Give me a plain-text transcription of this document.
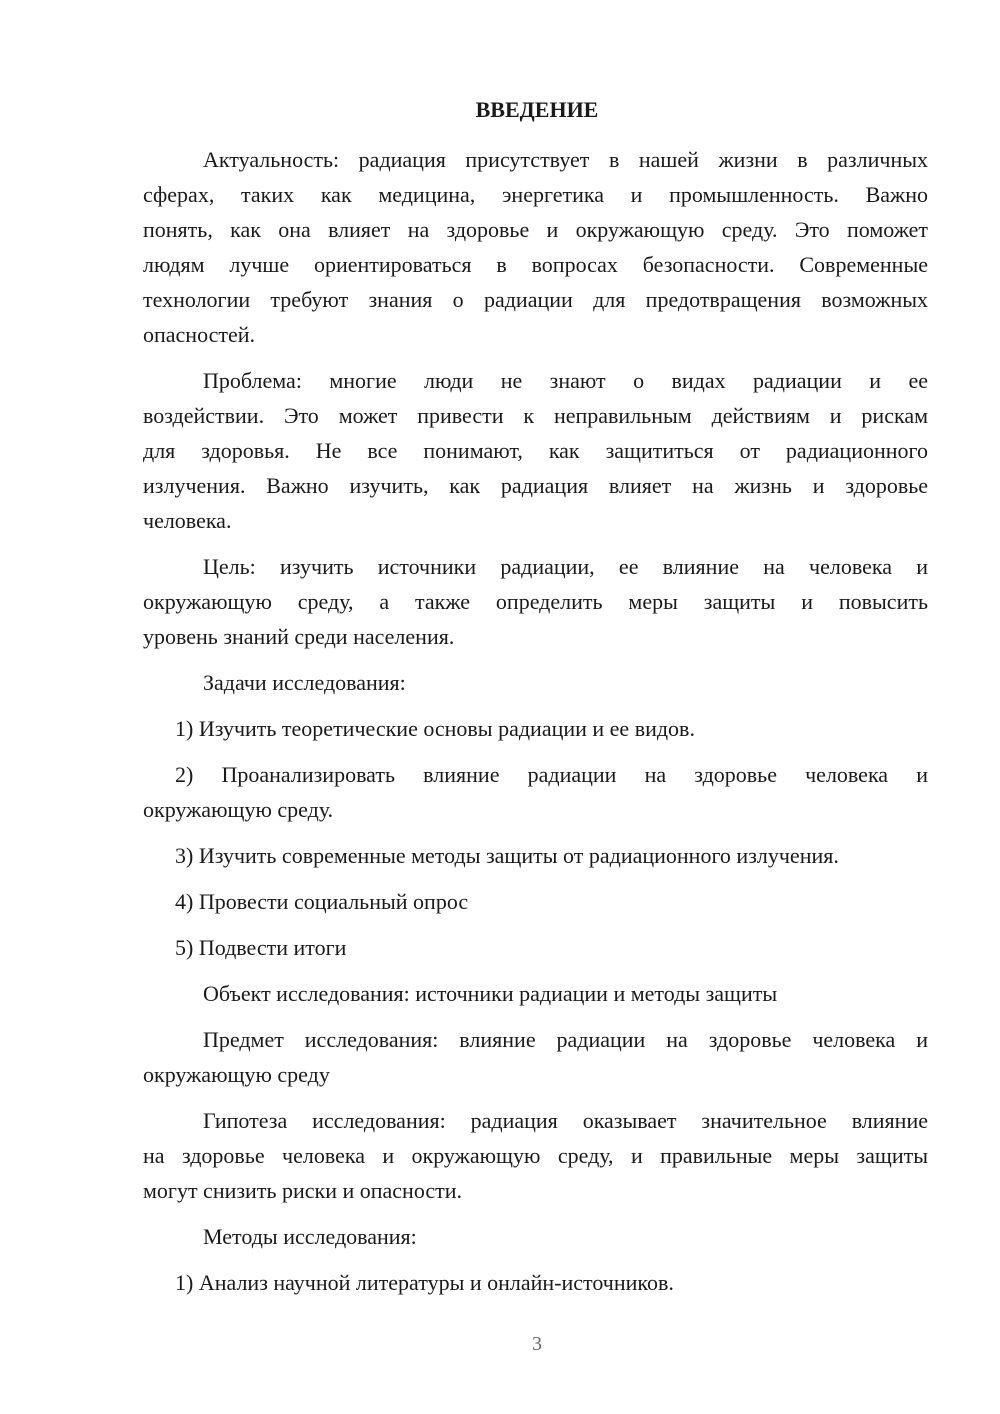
ВВЕДЕНИЕ
Актуальность: радиация присутствует в нашей жизни в различных
сферах, таких как медицина, энергетика и промышленность. Важно
понять, как она влияет на здоровье и окружающую среду. Это поможет
людям лучше ориентироваться в вопросах безопасности. Современные
технологии требуют знания о радиации для предотвращения возможных
опасностей.
Проблема: многие люди не знают о видах радиации и ее
воздействии. Это может привести к неправильным действиям и рискам
для здоровья. Не все понимают, как защититься от радиационного
излучения. Важно изучить, как радиация влияет на жизнь и здоровье
человека.
Цель: изучить источники радиации, ее влияние на человека и
окружающую среду, а также определить меры защиты и повысить
уровень знаний среди населения.
Задачи исследования:
1) Изучить теоретические основы радиации и ее видов.
2) Проанализировать влияние радиации на здоровье человека и
окружающую среду.
3) Изучить современные методы защиты от радиационного излучения.
4) Провести социальный опрос
5) Подвести итоги
Объект исследования: источники радиации и методы защиты
Предмет исследования: влияние радиации на здоровье человека и
окружающую среду
Гипотеза исследования: радиация оказывает значительное влияние
на здоровье человека и окружающую среду, и правильные меры защиты
могут снизить риски и опасности.
Методы исследования:
1) Анализ научной литературы и онлайн-источников.
3
